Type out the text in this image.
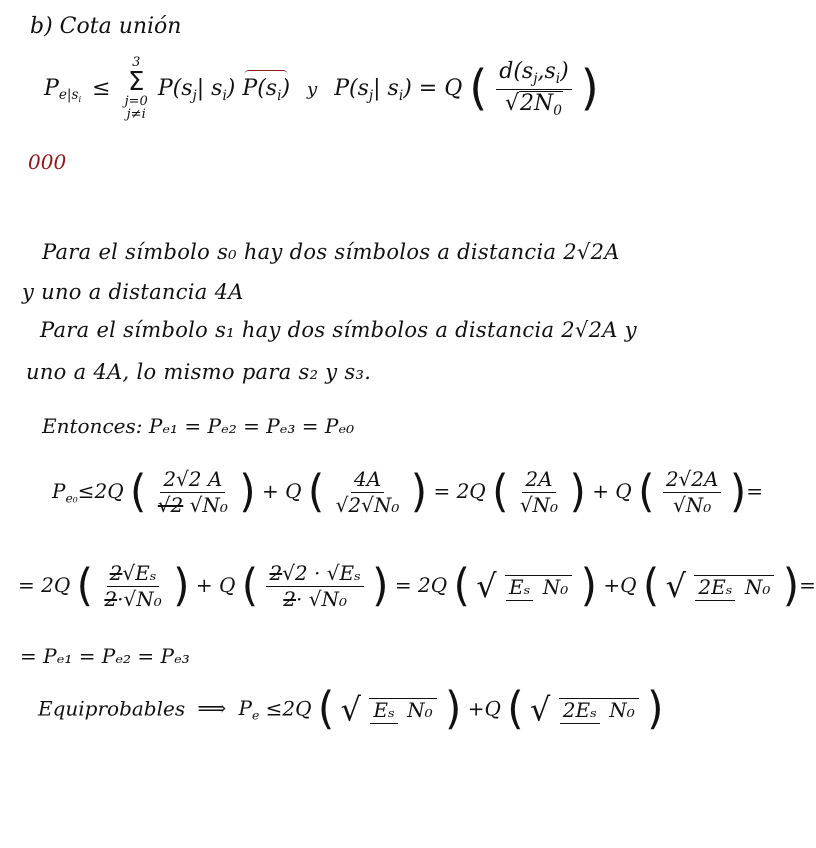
b) Cota unión
$P_{e|s_i}$ ≤
3
Σ
j=0
j≠i
$P(s_j|$ $s_i$) $P(s_i)$ y $P(s_j|$ $s_i) = Q$ ( $\frac{d(s_j,s_i)}{√2N_0}$ )
000
Para el símbolo s₀ hay dos símbolos a distancia 2√2A
y uno a distancia 4A
Para el símbolo s₁ hay dos símbolos a distancia 2√2A y
uno a 4A, lo mismo para s₂ y s₃.
Entonces: Pₑ₁ = Pₑ₂ = Pₑ₃ = Pₑ₀
$P_{e_0}\le 2Q$ ( $\frac{2√2 A}{\text{√2 √N₀}}$ ) + Q ( $\frac{4A}{\text{√2√N₀}}$ ) = 2Q ( $\frac{2A}{\text{√N₀}}$ ) + Q ( $\frac{2√2A}{\text{√N₀}}$ )=
= 2Q ( $\frac{\text{2√Eₛ}}{\text{2·√N₀}}$ ) + Q ( $\frac{\text{2√2 · √Eₛ}}{\text{2· √N₀}}$ ) = 2Q ( √ Eₛ N₀ ) +Q ( √ 2Eₛ N₀ )=
= Pₑ₁ = Pₑ₂ = Pₑ₃
Equiprobables ⟹ $P_e \le 2Q$ ( √ Eₛ N₀ ) +Q ( √ 2Eₛ N₀ )
